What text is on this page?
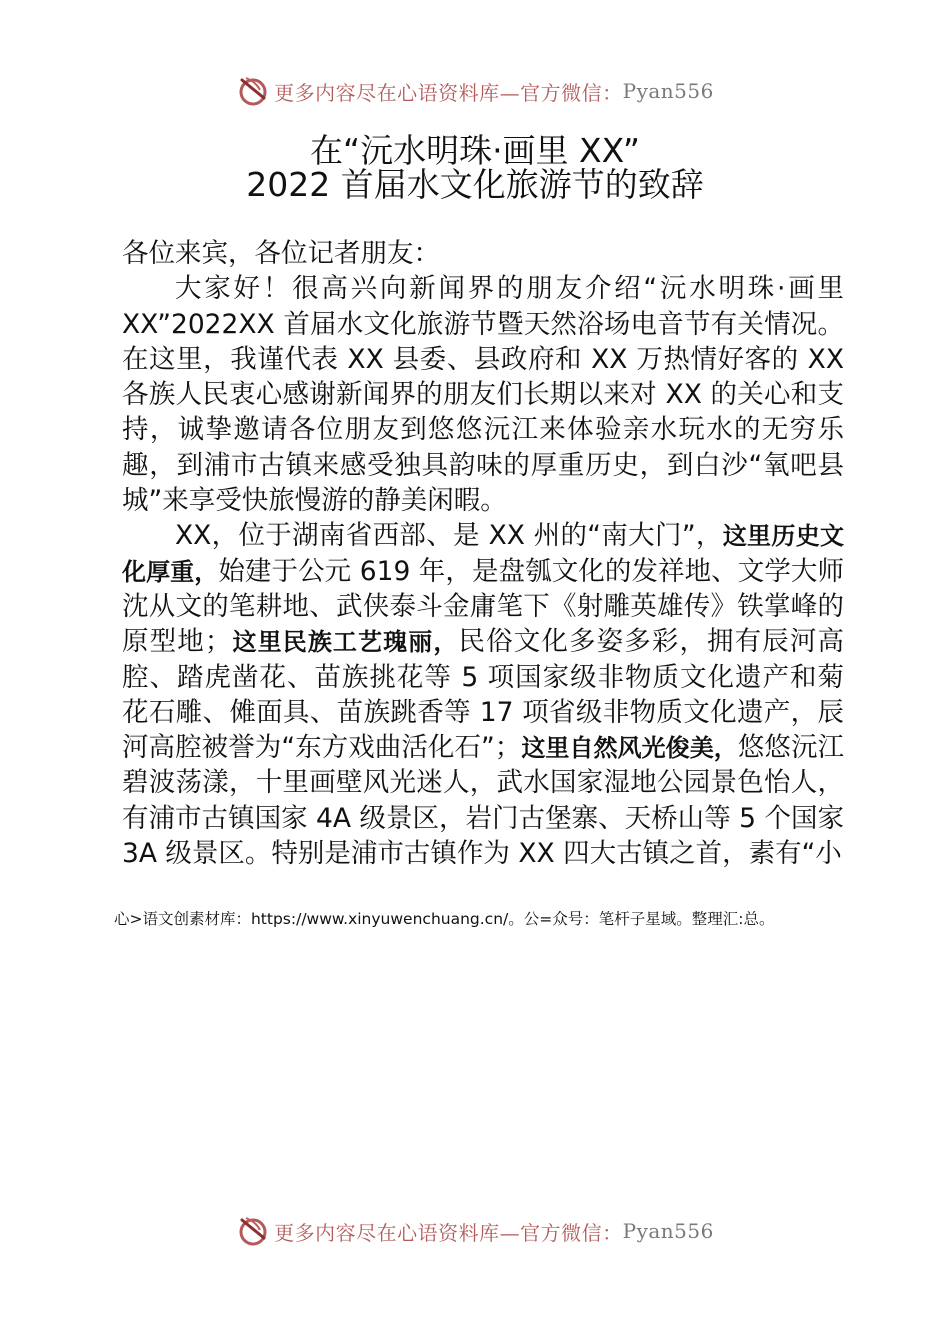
更多内容尽在心语资料库—官方微信： Pyan556
在“沅水明珠·画里 XX”
2022 首届水文化旅游节的致辞

各位来宾，各位记者朋友：

大家好！很高兴向新闻界的朋友介绍“沅水明珠·画里 XX”2022XX 首届水文化旅游节暨天然浴场电音节有关情况。在这里，我谨代表 XX 县委、县政府和 XX 万热情好客的 XX 各族人民衷心感谢新闻界的朋友们长期以来对 XX 的关心和支持，诚挚邀请各位朋友到悠悠沅江来体验亲水玩水的无穷乐趣，到浦市古镇来感受独具韵味的厚重历史，到白沙“氧吧县城”来享受快旅慢游的静美闲暇。

XX，位于湖南省西部、是 XX 州的“南大门”，这里历史文化厚重，始建于公元 619 年，是盘瓠文化的发祥地、文学大师沈从文的笔耕地、武侠泰斗金庸笔下《射雕英雄传》铁掌峰的原型地；这里民族工艺瑰丽，民俗文化多姿多彩，拥有辰河高腔、踏虎凿花、苗族挑花等 5 项国家级非物质文化遗产和菊花石雕、傩面具、苗族跳香等 17 项省级非物质文化遗产，辰河高腔被誉为“东方戏曲活化石”；这里自然风光俊美，悠悠沅江碧波荡漾，十里画壁风光迷人，武水国家湿地公园景色怡人，有浦市古镇国家 4A 级景区，岩门古堡寨、天桥山等 5 个国家 3A 级景区。特别是浦市古镇作为 XX 四大古镇之首，素有“小

心>语文创素材库：https://www.xinyuwenchuang.cn/。公=众号：笔杆子星域。整理汇:总。
更多内容尽在心语资料库—官方微信： Pyan556
